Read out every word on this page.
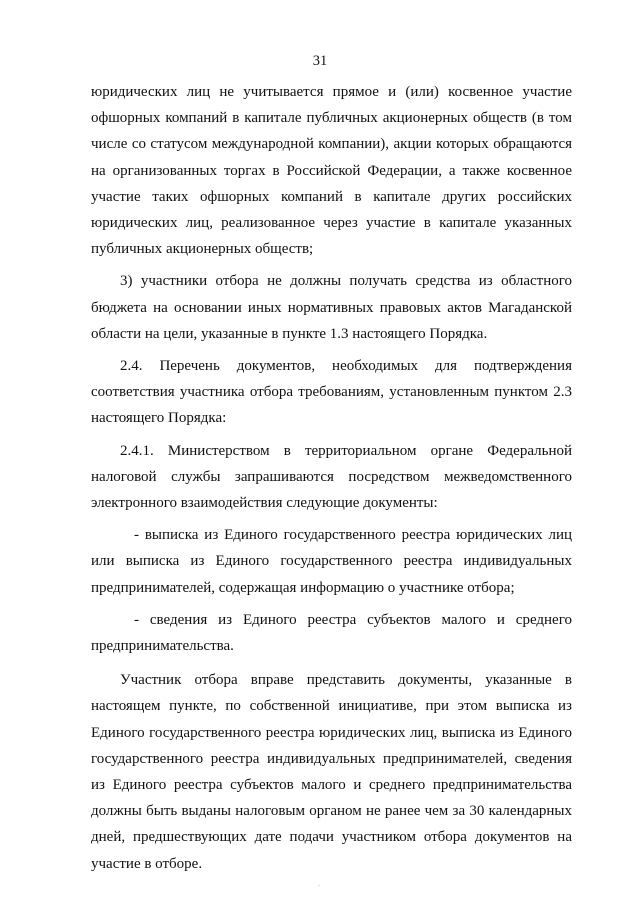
31

юридических лиц не учитывается прямое и (или) косвенное участие офшорных компаний в капитале публичных акционерных обществ (в том числе со статусом международной компании), акции которых обращаются на организованных торгах в Российской Федерации, а также косвенное участие таких офшорных компаний в капитале других российских юридических лиц, реализованное через участие в капитале указанных публичных акционерных обществ;

3) участники отбора не должны получать средства из областного бюджета на основании иных нормативных правовых актов Магаданской области на цели, указанные в пункте 1.3 настоящего Порядка.

2.4. Перечень документов, необходимых для подтверждения соответствия участника отбора требованиям, установленным пунктом 2.3 настоящего Порядка:

2.4.1. Министерством в территориальном органе Федеральной налоговой службы запрашиваются посредством межведомственного электронного взаимодействия следующие документы:

- выписка из Единого государственного реестра юридических лиц или выписка из Единого государственного реестра индивидуальных предпринимателей, содержащая информацию о участнике отбора;

- сведения из Единого реестра субъектов малого и среднего предпринимательства.

Участник отбора вправе представить документы, указанные в настоящем пункте, по собственной инициативе, при этом выписка из Единого государственного реестра юридических лиц, выписка из Единого государственного реестра индивидуальных предпринимателей, сведения из Единого реестра субъектов малого и среднего предпринимательства должны быть выданы налоговым органом не ранее чем за 30 календарных дней, предшествующих дате подачи участником отбора документов на участие в отборе.

.
